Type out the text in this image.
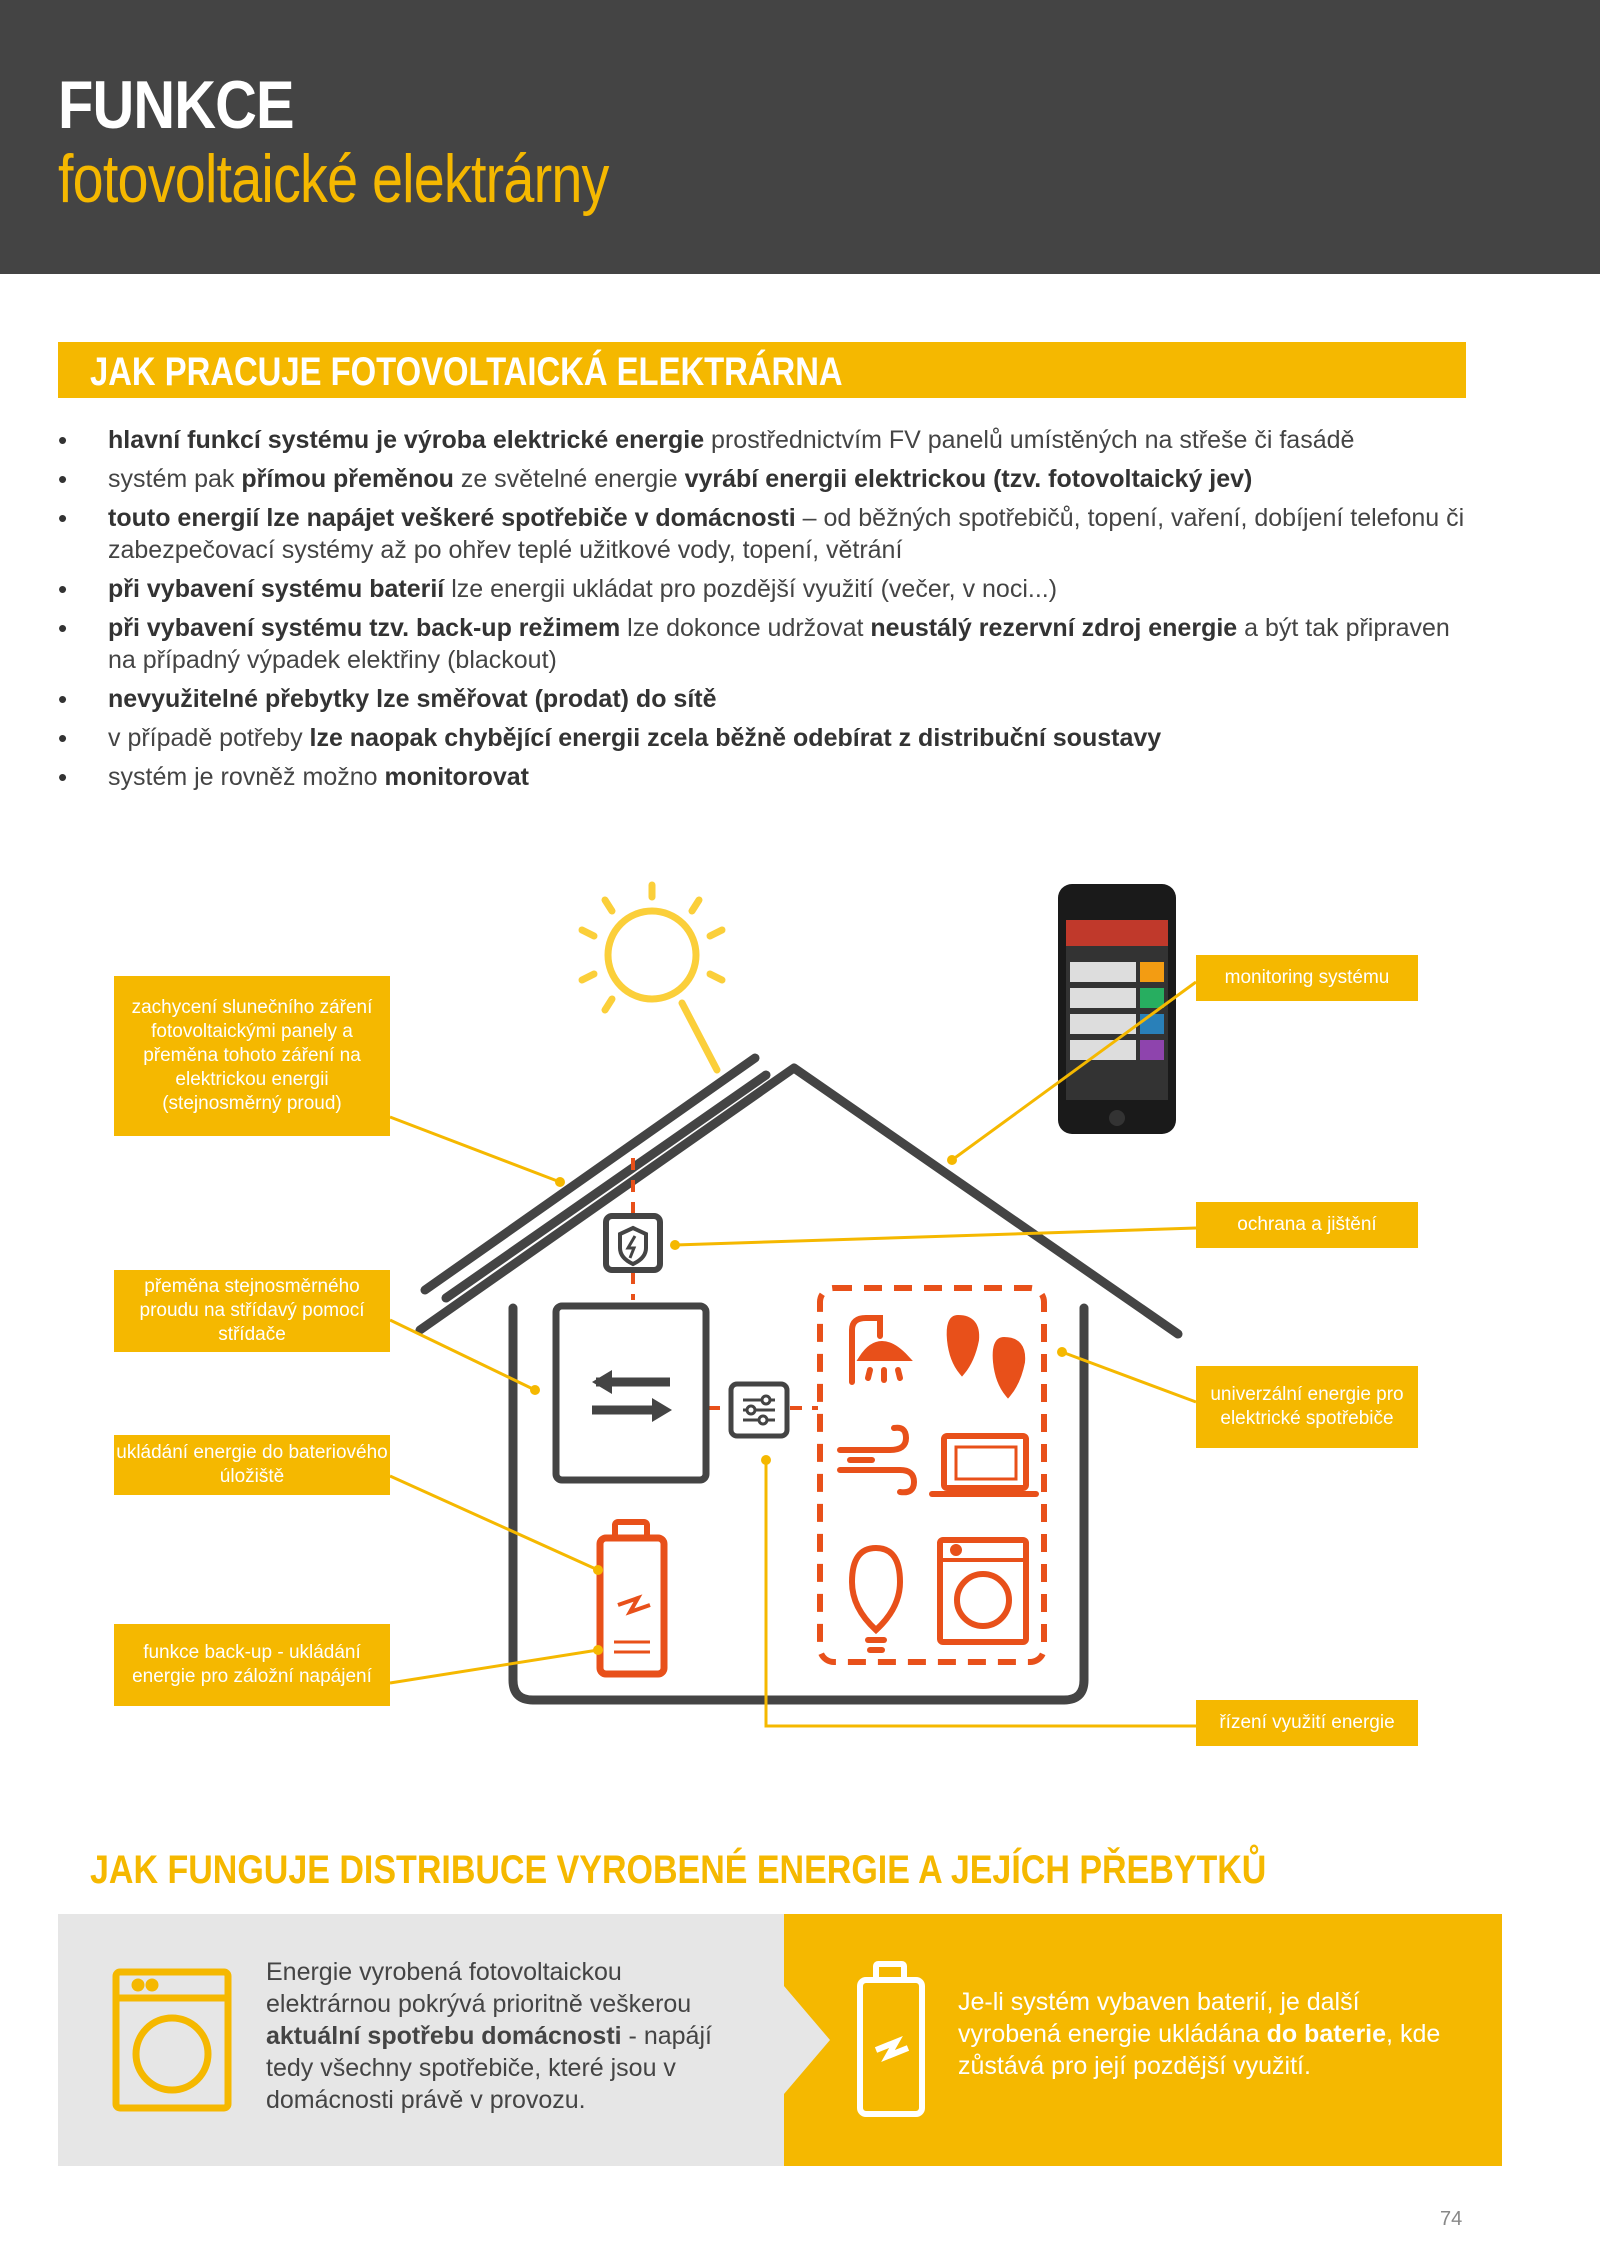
FUNKCE
fotovoltaické elektrárny
JAK PRACUJE FOTOVOLTAICKÁ ELEKTRÁRNA
• hlavní funkcí systému je výroba elektrické energie prostřednictvím FV panelů umístěných na střeše či fasádě
• systém pak přímou přeměnou ze světelné energie vyrábí energii elektrickou (tzv. fotovoltaický jev)
• touto energií lze napájet veškeré spotřebiče v domácnosti – od běžných spotřebičů, topení, vaření, dobíjení telefonu či zabezpečovací systémy až po ohřev teplé užitkové vody, topení, větrání
• při vybavení systému baterií lze energii ukládat pro pozdější využití (večer, v noci...)
• při vybavení systému tzv. back-up režimem lze dokonce udržovat neustálý rezervní zdroj energie a být tak připraven na případný výpadek elektřiny (blackout)
• nevyužitelné přebytky lze směřovat (prodat) do sítě
• v případě potřeby lze naopak chybějící energii zcela běžně odebírat z distribuční soustavy
• systém je rovněž možno monitorovat
zachycení slunečního záření fotovoltaickými panely a přeměna tohoto záření na elektrickou energii (stejnosměrný proud)
přeměna stejnosměrného proudu na střídavý pomocí střídače
ukládání energie do bateriového úložiště
funkce back-up - ukládání energie pro záložní napájení
monitoring systému
ochrana a jištění
univerzální energie pro elektrické spotřebiče
řízení využití energie
JAK FUNGUJE DISTRIBUCE VYROBENÉ ENERGIE A JEJÍCH PŘEBYTKŮ
Energie vyrobená fotovoltaickou elektrárnou pokrývá prioritně veškerou aktuální spotřebu domácnosti - napájí tedy všechny spotřebiče, které jsou v domácnosti právě v provozu.
Je-li systém vybaven baterií, je další vyrobená energie ukládána do baterie, kde zůstává pro její pozdější využití.
74
